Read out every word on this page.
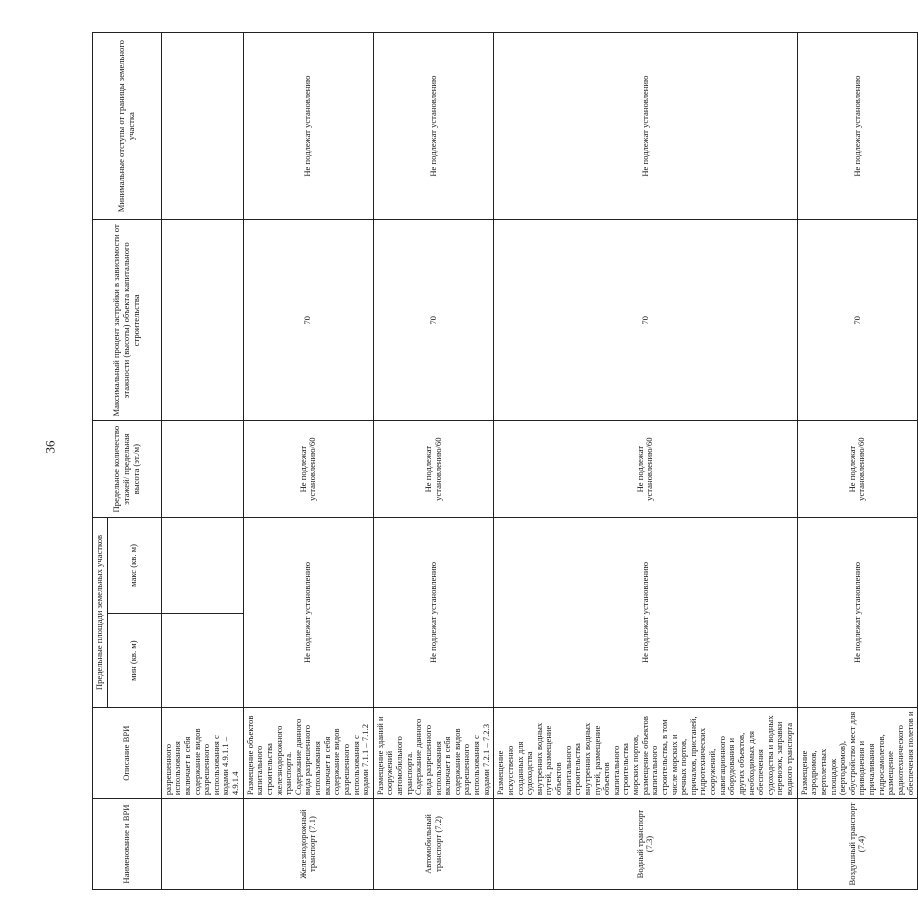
36
Наименование и ВРИ	Описание ВРИ	Предельные площади земельных участков		Предельное количество этажей/ предельная высота (эт./м)	Максимальный процент застройки в зависимости от этажности (высоты) объекта капитального строительства	Минимальные отступы от границы земельного участка
		мин (кв. м)	макс (кв. м)			
	разрешенного использования включает в себя содержание видов разрешенного использования с кодами 4.9.1.1 – 4.9.1.4					
Железнодорожный транспорт (7.1)	Размещение объектов капитального строительства железнодорожного транспорта. Содержание данного вида разрешенного использования включает в себя содержание видов разрешенного использования с кодами 7.1.1 – 7.1.2	Не подлежат установлению		Не подлежат установлению/60	70	Не подлежат установлению
Автомобильный транспорт (7.2)	Размещение зданий и сооружений автомобильного транспорта. Содержание данного вида разрешенного использования включает в себя содержание видов разрешенного использования с кодами 7.2.1 – 7.2.3	Не подлежат установлению		Не подлежат установлению/60	70	Не подлежат установлению
Водный транспорт (7.3)	Размещение искусственно созданных для судоходства внутренних водных путей, размещение объектов капитального строительства внутренних водных путей, размещение объектов капитального строительства морских портов, размещение объектов капитального строительства, в том числе морских и речных портов, причалов, пристаней, гидротехнических сооружений, навигационного оборудования и других объектов, необходимых для обеспечения судоходства и водных перевозок, заправки водного транспорта	Не подлежат установлению		Не подлежат установлению/60	70	Не подлежат установлению
Воздушный транспорт (7.4)	Размещение аэродромов, вертолетных площадок (вертодромов), обустройство мест для приводнения и причаливания гидросамолетов, размещение радиотехнического обеспечения полетов и	Не подлежат установлению		Не подлежат установлению/60	70	Не подлежат установлению
